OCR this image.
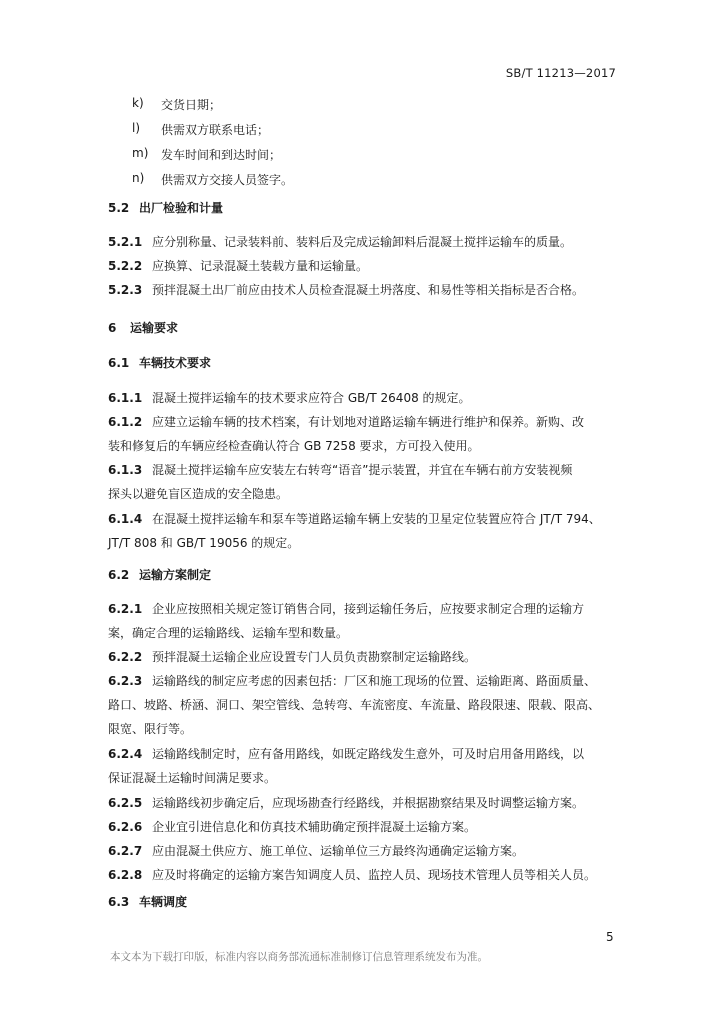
SB/T 11213—2017
k) 交货日期；
l) 供需双方联系电话；
m) 发车时间和到达时间；
n) 供需双方交接人员签字。
5.2 出厂检验和计量
5.2.1 应分别称量、记录装料前、装料后及完成运输卸料后混凝土搅拌运输车的质量。
5.2.2 应换算、记录混凝土装载方量和运输量。
5.2.3 预拌混凝土出厂前应由技术人员检查混凝土坍落度、和易性等相关指标是否合格。
6 运输要求
6.1 车辆技术要求
6.1.1 混凝土搅拌运输车的技术要求应符合 GB/T 26408 的规定。
6.1.2 应建立运输车辆的技术档案，有计划地对道路运输车辆进行维护和保养。新购、改
装和修复后的车辆应经检查确认符合 GB 7258 要求，方可投入使用。
6.1.3 混凝土搅拌运输车应安装左右转弯“语音”提示装置，并宜在车辆右前方安装视频
探头以避免盲区造成的安全隐患。
6.1.4 在混凝土搅拌运输车和泵车等道路运输车辆上安装的卫星定位装置应符合 JT/T 794、
JT/T 808 和 GB/T 19056 的规定。
6.2 运输方案制定
6.2.1 企业应按照相关规定签订销售合同，接到运输任务后，应按要求制定合理的运输方
案，确定合理的运输路线、运输车型和数量。
6.2.2 预拌混凝土运输企业应设置专门人员负责勘察制定运输路线。
6.2.3 运输路线的制定应考虑的因素包括：厂区和施工现场的位置、运输距离、路面质量、
路口、坡路、桥涵、洞口、架空管线、急转弯、车流密度、车流量、路段限速、限载、限高、
限宽、限行等。
6.2.4 运输路线制定时，应有备用路线，如既定路线发生意外，可及时启用备用路线，以
保证混凝土运输时间满足要求。
6.2.5 运输路线初步确定后，应现场勘查行经路线，并根据勘察结果及时调整运输方案。
6.2.6 企业宜引进信息化和仿真技术辅助确定预拌混凝土运输方案。
6.2.7 应由混凝土供应方、施工单位、运输单位三方最终沟通确定运输方案。
6.2.8 应及时将确定的运输方案告知调度人员、监控人员、现场技术管理人员等相关人员。
6.3 车辆调度
5
本文本为下载打印版，标准内容以商务部流通标准制修订信息管理系统发布为准。
